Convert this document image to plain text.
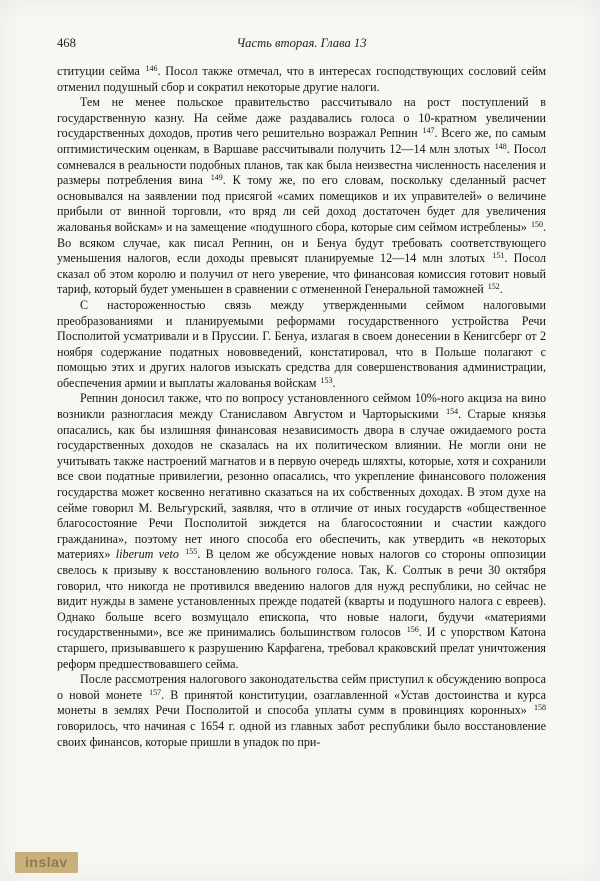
468	Часть вторая. Глава 13

ституции сейма $^{146}$. Посол также отмечал, что в интересах господствующих сословий сейм отменил подушный сбор и сократил некоторые другие налоги.

Тем не менее польское правительство рассчитывало на рост поступлений в государственную казну. На сейме даже раздавались голоса о 10-кратном увеличении государственных доходов, против чего решительно возражал Репнин $^{147}$. Всего же, по самым оптимистическим оценкам, в Варшаве рассчитывали получить 12—14 млн злотых $^{148}$. Посол сомневался в реальности подобных планов, так как была неизвестна численность населения и размеры потребления вина $^{149}$. К тому же, по его словам, поскольку сделанный расчет основывался на заявлении под присягой «самих помещиков и их управителей» о величине прибыли от винной торговли, «то вряд ли сей доход достаточен будет для увеличения жалованья войскам» и на замещение «подушного сбора, которые сим сеймом истреблены» $^{150}$. Во всяком случае, как писал Репнин, он и Бенуа будут требовать соответствующего уменьшения налогов, если доходы превысят планируемые 12—14 млн злотых $^{151}$. Посол сказал об этом королю и получил от него уверение, что финансовая комиссия готовит новый тариф, который будет уменьшен в сравнении с отмененной Генеральной таможней $^{152}$.

С настороженностью связь между утвержденными сеймом налоговыми преобразованиями и планируемыми реформами государственного устройства Речи Посполитой усматривали и в Пруссии. Г. Бенуа, излагая в своем донесении в Кенигсберг от 2 ноября содержание податных нововведений, констатировал, что в Польше полагают с помощью этих и других налогов изыскать средства для совершенствования администрации, обеспечения армии и выплаты жалованья войскам $^{153}$.

Репнин доносил также, что по вопросу установленного сеймом 10%-ного акциза на вино возникли разногласия между Станиславом Августом и Чарторыскими $^{154}$. Старые князья опасались, как бы излишняя финансовая независимость двора в случае ожидаемого роста государственных доходов не сказалась на их политическом влиянии. Не могли они не учитывать также настроений магнатов и в первую очередь шляхты, которые, хотя и сохранили все свои податные привилегии, резонно опасались, что укрепление финансового положения государства может косвенно негативно сказаться на их собственных доходах. В этом духе на сейме говорил М. Вельгурский, заявляя, что в отличие от иных государств «общественное благосостояние Речи Посполитой зиждется на благосостоянии и счастии каждого гражданина», поэтому нет иного способа его обеспечить, как утвердить «в некоторых материях» liberum veto $^{155}$. В целом же обсуждение новых налогов со стороны оппозиции свелось к призыву к восстановлению вольного голоса. Так, К. Солтык в речи 30 октября говорил, что никогда не противился введению налогов для нужд республики, но сейчас не видит нужды в замене установленных прежде податей (кварты и подушного налога с евреев). Однако больше всего возмущало епископа, что новые налоги, будучи «материями государственными», все же принимались большинством голосов $^{156}$. И с упорством Катона старшего, призывавшего к разрушению Карфагена, требовал краковский прелат уничтожения реформ предшествовавшего сейма.

После рассмотрения налогового законодательства сейм приступил к обсуждению вопроса о новой монете $^{157}$. В принятой конституции, озаглавленной «Устав достоинства и курса монеты в землях Речи Посполитой и способа уплаты сумм в провинциях коронных» $^{158}$ говорилось, что начиная с 1654 г. одной из главных забот республики было восстановление своих финансов, которые пришли в упадок по при-

inslav
